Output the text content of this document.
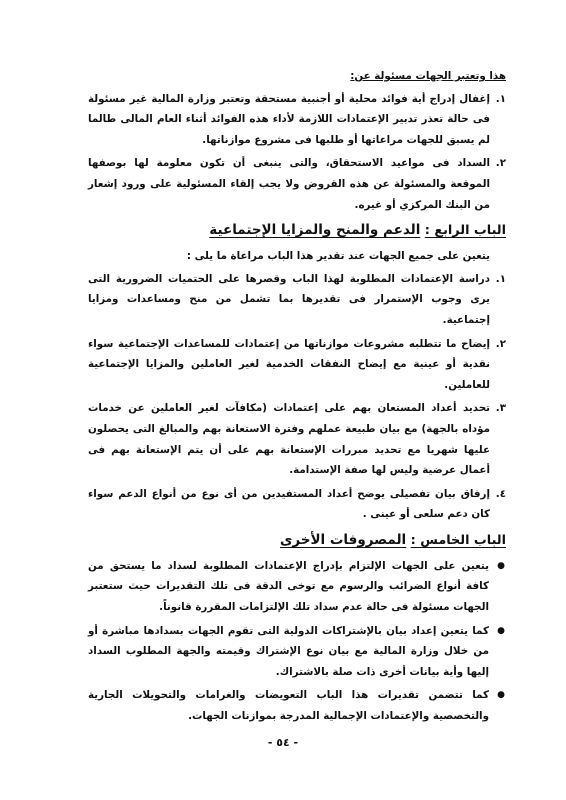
هذا وتعتبر الجهات مسئولة عن:
١.
إغفال إدراج أية فوائد محلية أو أجنبية مستحقة وتعتبر وزارة المالية غير مسئولة فى حالة تعذر تدبير الإعتمادات اللازمة لأداء هذه الفوائد أثناء العام المالى طالما لم يسبق للجهات مراعاتها أو طلبها فى مشروع موازناتها.
٢.
السداد فى مواعيد الاستحقاق، والتى ينبغى أن تكون معلومة لها بوصفها الموقعة والمسئولة عن هذه القروض ولا يجب إلقاء المسئولية على ورود إشعار من البنك المركزي أو غيره.
الباب الرابع : الدعم والمنح والمزايا الإجتماعية
يتعين على جميع الجهات عند تقدير هذا الباب مراعاة ما يلى :
١.
دراسة الإعتمادات المطلوبة لهذا الباب وقصرها على الحتميات الضرورية التى يرى وجوب الإستمرار فى تقديرها بما تشمل من منح ومساعدات ومزايا إجتماعية.
٢.
إيضاح ما تتطلبه مشروعات موازناتها من إعتمادات للمساعدات الإجتماعية سواء نقدية أو عينية مع إيضاح النفقات الخدمية لغير العاملين والمزايا الإجتماعية للعاملين.
٣.
تحديد أعداد المستعان بهم على إعتمادات (مكافآت لغير العاملين عن خدمات مؤداه بالجهة) مع بيان طبيعة عملهم وفترة الاستعانة بهم والمبالغ التى يحصلون عليها شهريا مع تحديد مبررات الإستعانة بهم على أن يتم الإستعانة بهم فى أعمال عرضية وليس لها صفة الإستدامة.
٤.
إرفاق بيان تفصيلى يوضح أعداد المستفيدين من أى نوع من أنواع الدعم سواء كان دعم سلعى أو عينى .
الباب الخامس : المصروفات الأخرى
●
يتعين على الجهات الإلتزام بإدراج الإعتمادات المطلوبة لسداد ما يستحق من كافة أنواع الضرائب والرسوم مع توخى الدقة فى تلك التقديرات حيث ستعتبر الجهات مسئولة فى حالة عدم سداد تلك الإلتزامات المقررة قانوناً.
●
كما يتعين إعداد بيان بالإشتراكات الدولية التى تقوم الجهات بسدادها مباشرة أو من خلال وزارة المالية مع بيان نوع الإشتراك وقيمته والجهة المطلوب السداد إليها وأية بيانات أخرى ذات صلة بالاشتراك.
●
كما تتضمن تقديرات هذا الباب التعويضات والغرامات والتحويلات الجارية والتخصصية والإعتمادات الإجمالية المدرجة بموازنات الجهات.
- ٥٤ -
